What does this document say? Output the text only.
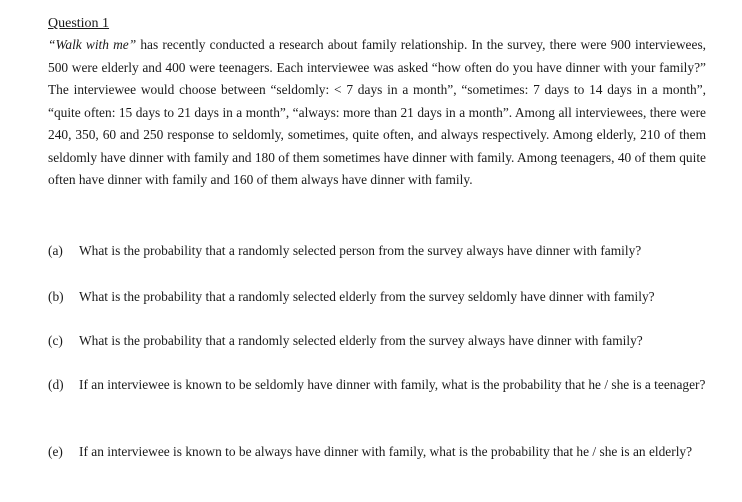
Question 1

“Walk with me” has recently conducted a research about family relationship. In the survey, there were 900 interviewees, 500 were elderly and 400 were teenagers. Each interviewee was asked “how often do you have dinner with your family?” The interviewee would choose between “seldomly: < 7 days in a month”, “sometimes: 7 days to 14 days in a month”, “quite often: 15 days to 21 days in a month”, “always: more than 21 days in a month”. Among all interviewees, there were 240, 350, 60 and 250 response to seldomly, sometimes, quite often, and always respectively. Among elderly, 210 of them seldomly have dinner with family and 180 of them sometimes have dinner with family. Among teenagers, 40 of them quite often have dinner with family and 160 of them always have dinner with family.

(a)	What is the probability that a randomly selected person from the survey always have dinner with family?
(b)	What is the probability that a randomly selected elderly from the survey seldomly have dinner with family?
(c)	What is the probability that a randomly selected elderly from the survey always have dinner with family?
(d)	If an interviewee is known to be seldomly have dinner with family, what is the probability that he / she is a teenager?
(e)	If an interviewee is known to be always have dinner with family, what is the probability that he / she is an elderly?
